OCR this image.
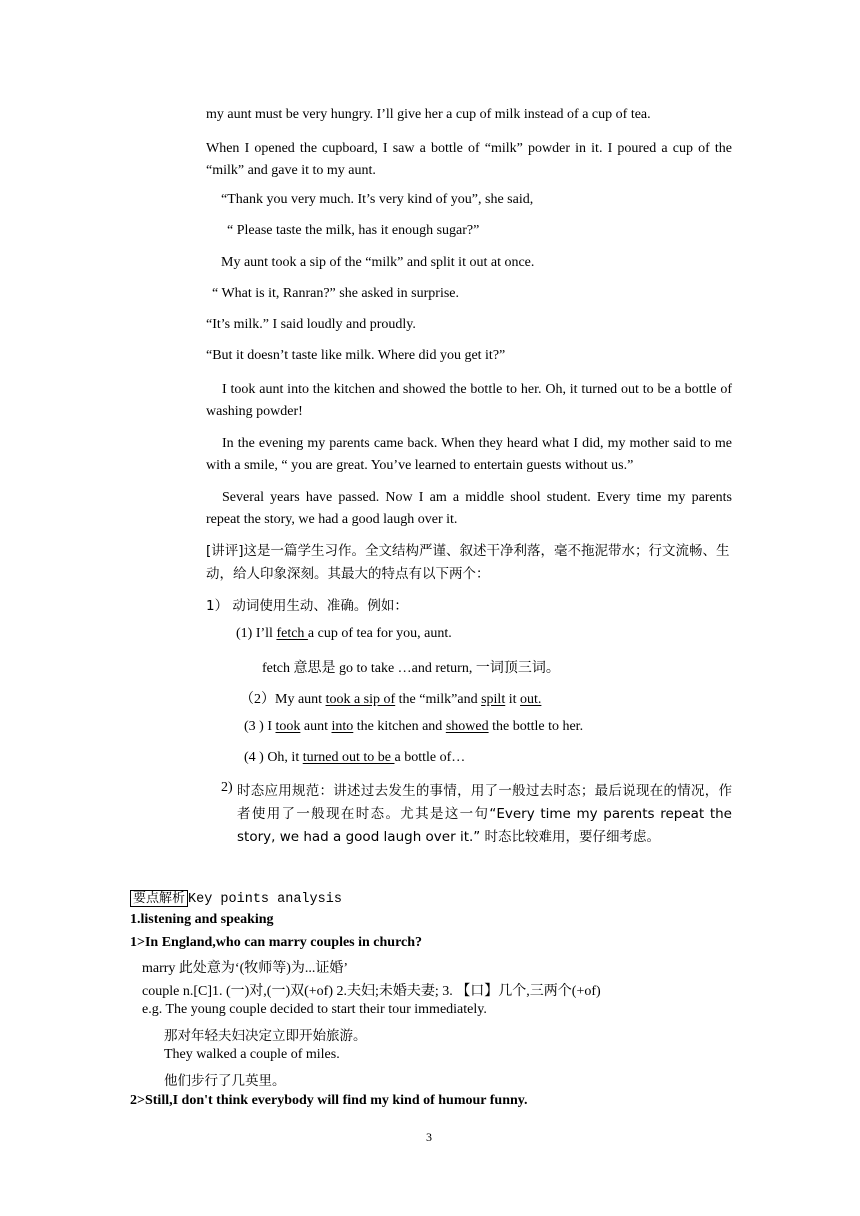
my aunt must be very hungry. I’ll give her a cup of milk instead of a cup of tea.
When I opened the cupboard, I saw a bottle of “milk” powder in it. I poured a cup of the “milk” and gave it to my aunt.
“Thank you very much. It’s very kind of you”, she said,
“ Please taste the milk, has it enough sugar?”
My aunt took a sip of the “milk” and split it out at once.
“ What is it, Ranran?” she asked in surprise.
“It’s milk.” I said loudly and proudly.
“But it doesn’t taste like milk. Where did you get it?”
I took aunt into the kitchen and showed the bottle to her. Oh, it turned out to be a bottle of washing powder!
In the evening my parents came back. When they heard what I did, my mother said to me with a smile, “ you are great. You’ve learned to entertain guests without us.”
Several years have passed. Now I am a middle shool student. Every time my parents repeat the story, we had a good laugh over it.
[讲评]这是一篇学生习作。全文结构严谨、叙述干净利落，毫不拖泥带水；行文流畅、生动，给人印象深刻。其最大的特点有以下两个：
1） 动词使用生动、准确。例如：
(1) I’ll fetch a cup of tea for you, aunt.
fetch 意思是 go to take …and return, 一词顶三词。
（2）My aunt took a sip of the “milk”and spilt it out.
(3 ) I took aunt into the kitchen and showed the bottle to her.
(4 ) Oh, it turned out to be a bottle of…
2) 时态应用规范：讲述过去发生的事情，用了一般过去时态；最后说现在的情况，作者使用了一般现在时态。尤其是这一句“Every time my parents repeat the story, we had a good laugh over it.” 时态比较难用，要仔细考虑。
要点解析 Key points analysis
1.listening and speaking
1>In England,who can marry couples in church?
marry 此处意为‘(牧师等)为...证婚’
couple n.[C]1. (一)对,(一)双(+of) 2.夫妇;未婚夫妻; 3. 【口】几个,三两个(+of)
e.g. The young couple decided to start their tour immediately.
那对年轻夫妇决定立即开始旅游。
They walked a couple of miles.
他们步行了几英里。
2>Still,I don't think everybody will find my kind of humour funny.
3
